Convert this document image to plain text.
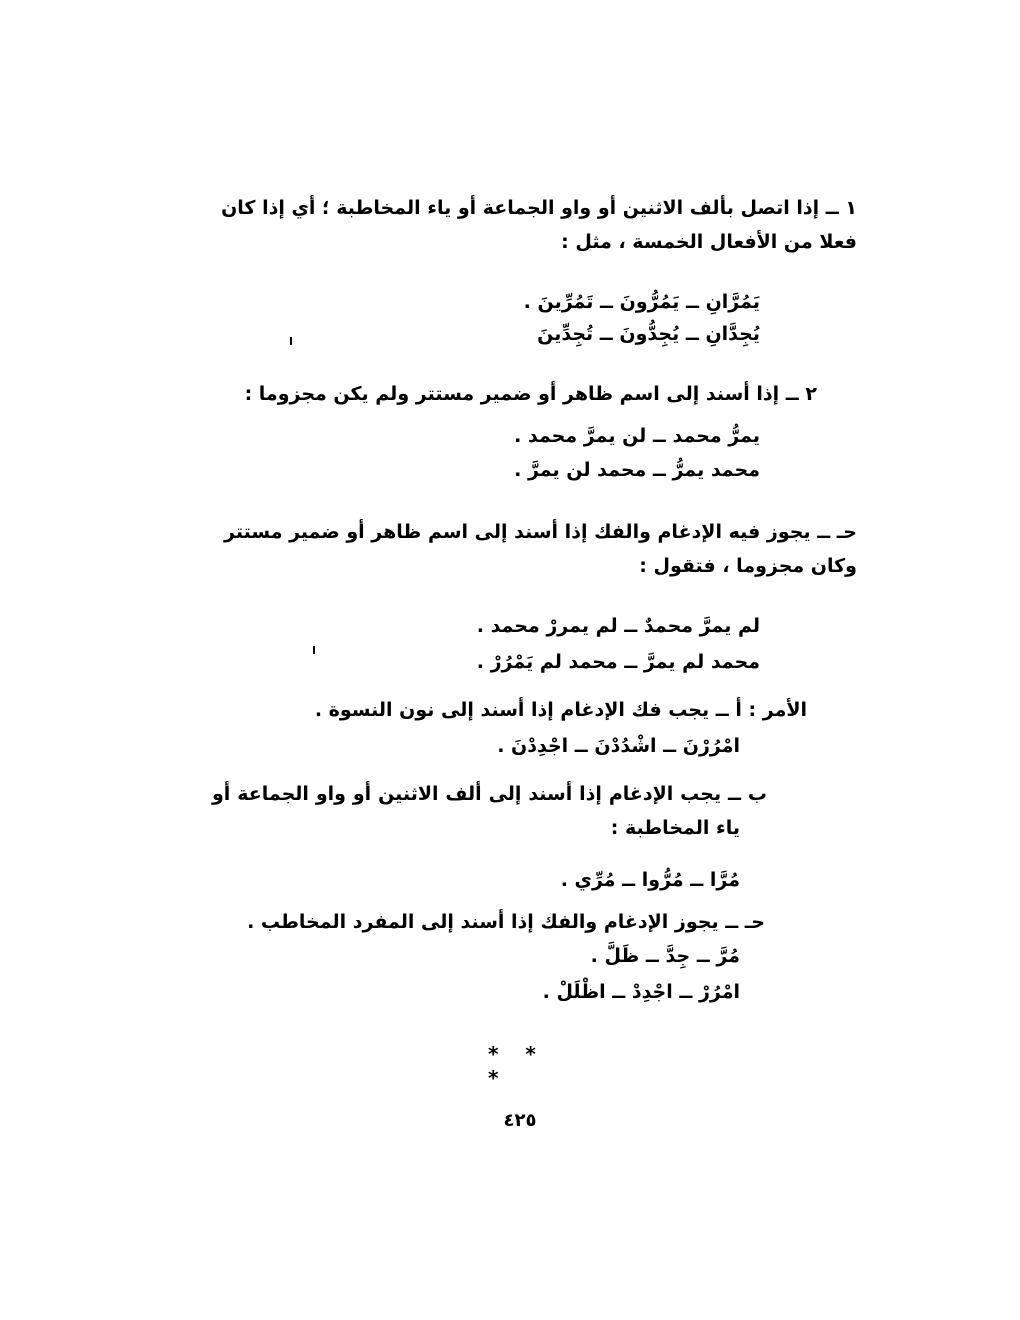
١ ــ إذا اتصل بألف الاثنين أو واو الجماعة أو ياء المخاطبة ؛ أي إذا كان
فعلا من الأفعال الخمسة ، مثل :
يَمُرَّانِ ــ يَمُرُّونَ ــ تَمُرِّينَ .
يُجِدَّانِ ــ يُجِدُّونَ ــ تُجِدِّينَ
٢ ــ إذا أسند إلى اسم ظاهر أو ضمير مستتر ولم يكن مجزوما :
يمرُّ محمد ــ لن يمرَّ محمد .
محمد يمرُّ ــ محمد لن يمرَّ .
حـ ــ يجوز فيه الإدغام والفك إذا أسند إلى اسم ظاهر أو ضمير مستتر
وكان مجزوما ، فتقول :
لم يمرَّ محمدٌ ــ لم يمررْ محمد .
محمد لم يمرَّ ــ محمد لم يَمْرُرْ .
الأمر : أ ــ يجب فك الإدغام إذا أسند إلى نون النسوة .
امْرُرْنَ ــ اشْدُدْنَ ــ اجْدِدْنَ .
ب ــ يجب الإدغام إذا أسند إلى ألف الاثنين أو واو الجماعة أو
ياء المخاطبة :
مُرَّا ــ مُرُّوا ــ مُرِّي .
حـ ــ يجوز الإدغام والفك إذا أسند إلى المفرد المخاطب .
مُرَّ ــ جِدَّ ــ ظَلَّ .
امْرُرْ ــ اجْدِدْ ــ اظْلَلْ .
* * *
٤٢٥
